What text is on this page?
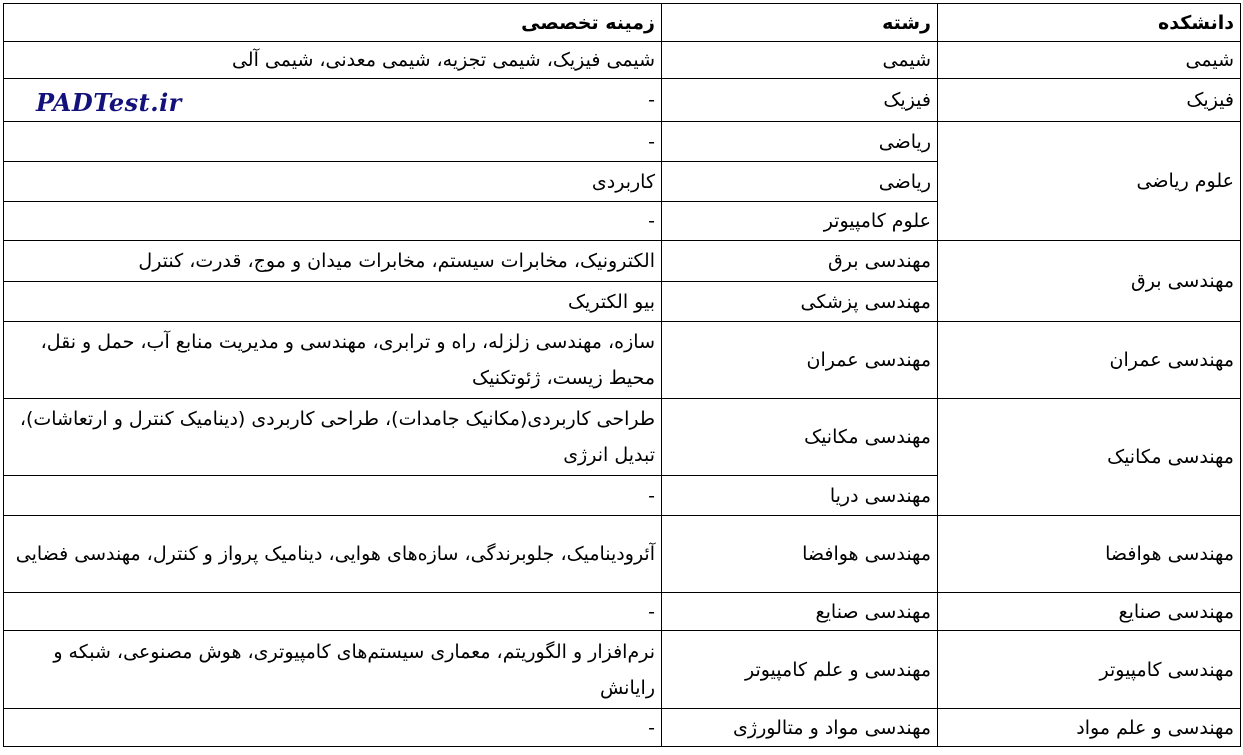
دانشکده	رشته	زمینه تخصصی
شیمی	شیمی	شیمی فیزیک، شیمی تجزیه، شیمی معدنی، شیمی آلی
فیزیک	فیزیک	-
علوم ریاضی	ریاضی	-
	ریاضی	کاربردی
	علوم کامپیوتر	-
مهندسی برق	مهندسی برق	الکترونیک، مخابرات سیستم، مخابرات میدان و موج، قدرت، کنترل
	مهندسی پزشکی	بیو الکتریک
مهندسی عمران	مهندسی عمران	سازه، مهندسی زلزله، راه و ترابری، مهندسی و مدیریت منابع آب، حمل و نقل، محیط زیست، ژئوتکنیک
مهندسی مکانیک	مهندسی مکانیک	طراحی کاربردی(مکانیک جامدات)، طراحی کاربردی (دینامیک کنترل و ارتعاشات)، تبدیل انرژی
	مهندسی دریا	-
مهندسی هوافضا	مهندسی هوافضا	آئرودینامیک، جلوبرندگی، سازه‌های هوایی، دینامیک پرواز و کنترل، مهندسی فضایی
مهندسی صنایع	مهندسی صنایع	-
مهندسی کامپیوتر	مهندسی و علم کامپیوتر	نرم‌افزار و الگوریتم، معماری سیستم‌های کامپیوتری، هوش مصنوعی، شبکه و رایانش
مهندسی و علم مواد	مهندسی مواد و متالورژی	-
PADTest.ir
